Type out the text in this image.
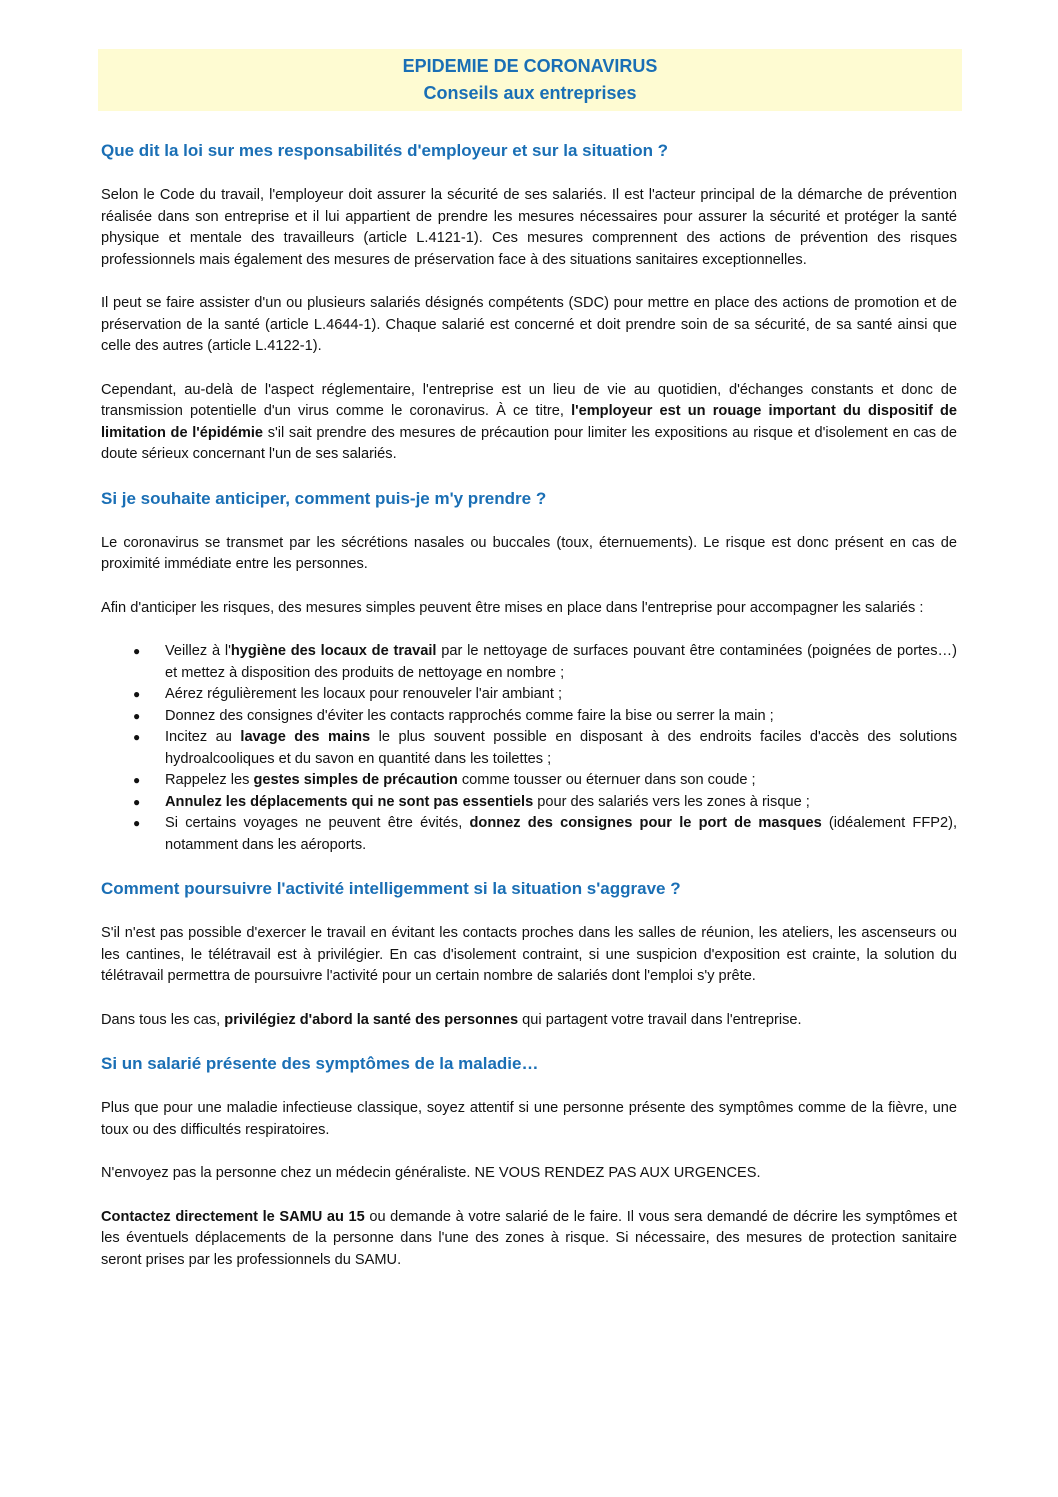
EPIDEMIE DE CORONAVIRUS
Conseils aux entreprises
Que dit la loi sur mes responsabilités d'employeur et sur la situation ?

Selon le Code du travail, l'employeur doit assurer la sécurité de ses salariés. Il est l'acteur principal de la démarche de prévention réalisée dans son entreprise et il lui appartient de prendre les mesures nécessaires pour assurer la sécurité et protéger la santé physique et mentale des travailleurs (article L.4121-1). Ces mesures comprennent des actions de prévention des risques professionnels mais également des mesures de préservation face à des situations sanitaires exceptionnelles.

Il peut se faire assister d'un ou plusieurs salariés désignés compétents (SDC) pour mettre en place des actions de promotion et de préservation de la santé (article L.4644-1). Chaque salarié est concerné et doit prendre soin de sa sécurité, de sa santé ainsi que celle des autres (article L.4122-1).

Cependant, au-delà de l'aspect réglementaire, l'entreprise est un lieu de vie au quotidien, d'échanges constants et donc de transmission potentielle d'un virus comme le coronavirus. À ce titre, l'employeur est un rouage important du dispositif de limitation de l'épidémie s'il sait prendre des mesures de précaution pour limiter les expositions au risque et d'isolement en cas de doute sérieux concernant l'un de ses salariés.

Si je souhaite anticiper, comment puis-je m'y prendre ?

Le coronavirus se transmet par les sécrétions nasales ou buccales (toux, éternuements). Le risque est donc présent en cas de proximité immédiate entre les personnes.

Afin d'anticiper les risques, des mesures simples peuvent être mises en place dans l'entreprise pour accompagner les salariés :

● Veillez à l'hygiène des locaux de travail par le nettoyage de surfaces pouvant être contaminées (poignées de portes…) et mettez à disposition des produits de nettoyage en nombre ;
● Aérez régulièrement les locaux pour renouveler l'air ambiant ;
● Donnez des consignes d'éviter les contacts rapprochés comme faire la bise ou serrer la main ;
● Incitez au lavage des mains le plus souvent possible en disposant à des endroits faciles d'accès des solutions hydroalcooliques et du savon en quantité dans les toilettes ;
● Rappelez les gestes simples de précaution comme tousser ou éternuer dans son coude ;
● Annulez les déplacements qui ne sont pas essentiels pour des salariés vers les zones à risque ;
● Si certains voyages ne peuvent être évités, donnez des consignes pour le port de masques (idéalement FFP2), notamment dans les aéroports.
Comment poursuivre l'activité intelligemment si la situation s'aggrave ?

S'il n'est pas possible d'exercer le travail en évitant les contacts proches dans les salles de réunion, les ateliers, les ascenseurs ou les cantines, le télétravail est à privilégier. En cas d'isolement contraint, si une suspicion d'exposition est crainte, la solution du télétravail permettra de poursuivre l'activité pour un certain nombre de salariés dont l'emploi s'y prête.

Dans tous les cas, privilégiez d'abord la santé des personnes qui partagent votre travail dans l'entreprise.

Si un salarié présente des symptômes de la maladie…

Plus que pour une maladie infectieuse classique, soyez attentif si une personne présente des symptômes comme de la fièvre, une toux ou des difficultés respiratoires.

N'envoyez pas la personne chez un médecin généraliste. NE VOUS RENDEZ PAS AUX URGENCES.

Contactez directement le SAMU au 15 ou demande à votre salarié de le faire. Il vous sera demandé de décrire les symptômes et les éventuels déplacements de la personne dans l'une des zones à risque. Si nécessaire, des mesures de protection sanitaire seront prises par les professionnels du SAMU.
